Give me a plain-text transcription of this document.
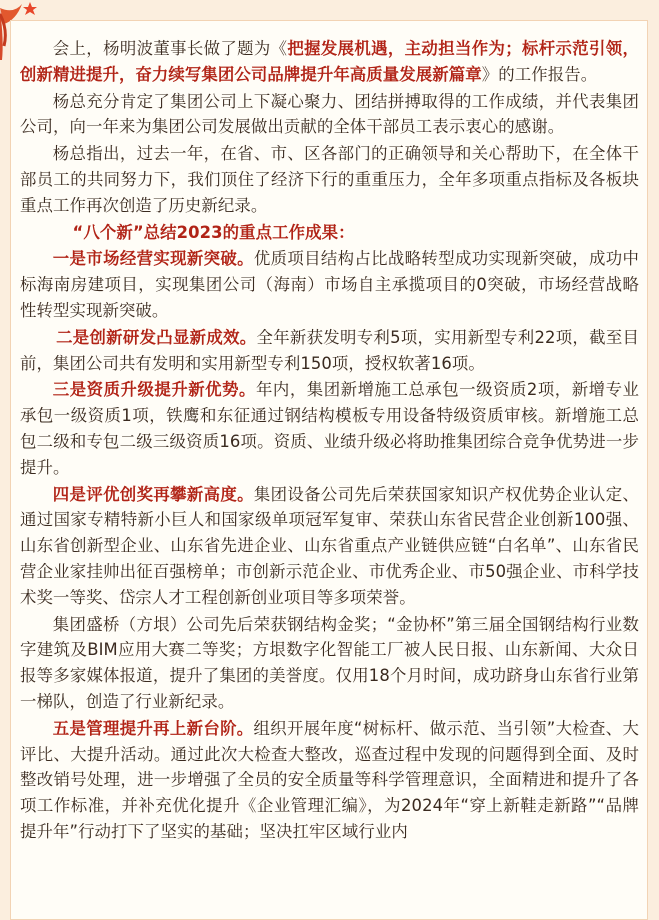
会上，杨明波董事长做了题为《把握发展机遇，主动担当作为；标杆示范引领，创新精进提升，奋力续写集团公司品牌提升年高质量发展新篇章》的工作报告。

杨总充分肯定了集团公司上下凝心聚力、团结拼搏取得的工作成绩，并代表集团公司，向一年来为集团公司发展做出贡献的全体干部员工表示衷心的感谢。

杨总指出，过去一年，在省、市、区各部门的正确领导和关心帮助下，在全体干部员工的共同努力下，我们顶住了经济下行的重重压力，全年多项重点指标及各板块重点工作再次创造了历史新纪录。

“八个新”总结2023的重点工作成果：

一是市场经营实现新突破。优质项目结构占比战略转型成功实现新突破，成功中标海南房建项目，实现集团公司（海南）市场自主承揽项目的0突破，市场经营战略性转型实现新突破。

二是创新研发凸显新成效。全年新获发明专利5项，实用新型专利22项，截至目前，集团公司共有发明和实用新型专利150项，授权软著16项。

三是资质升级提升新优势。年内，集团新增施工总承包一级资质2项，新增专业承包一级资质1项，铁鹰和东征通过钢结构模板专用设备特级资质审核。新增施工总包二级和专包二级三级资质16项。资质、业绩升级必将助推集团综合竞争优势进一步提升。

四是评优创奖再攀新高度。集团设备公司先后荣获国家知识产权优势企业认定、通过国家专精特新小巨人和国家级单项冠军复审、荣获山东省民营企业创新100强、山东省创新型企业、山东省先进企业、山东省重点产业链供应链“白名单”、山东省民营企业家挂帅出征百强榜单；市创新示范企业、市优秀企业、市50强企业、市科学技术奖一等奖、岱宗人才工程创新创业项目等多项荣誉。

集团盛桥（方垠）公司先后荣获钢结构金奖；“金协杯”第三届全国钢结构行业数字建筑及BIM应用大赛二等奖；方垠数字化智能工厂被人民日报、山东新闻、大众日报等多家媒体报道，提升了集团的美誉度。仅用18个月时间，成功跻身山东省行业第一梯队，创造了行业新纪录。

五是管理提升再上新台阶。组织开展年度“树标杆、做示范、当引领”大检查、大评比、大提升活动。通过此次大检查大整改，巡查过程中发现的问题得到全面、及时整改销号处理，进一步增强了全员的安全质量等科学管理意识，全面精进和提升了各项工作标准，并补充优化提升《企业管理汇编》，为2024年“穿上新鞋走新路”“品牌提升年”行动打下了坚实的基础；坚决扛牢区域行业内
